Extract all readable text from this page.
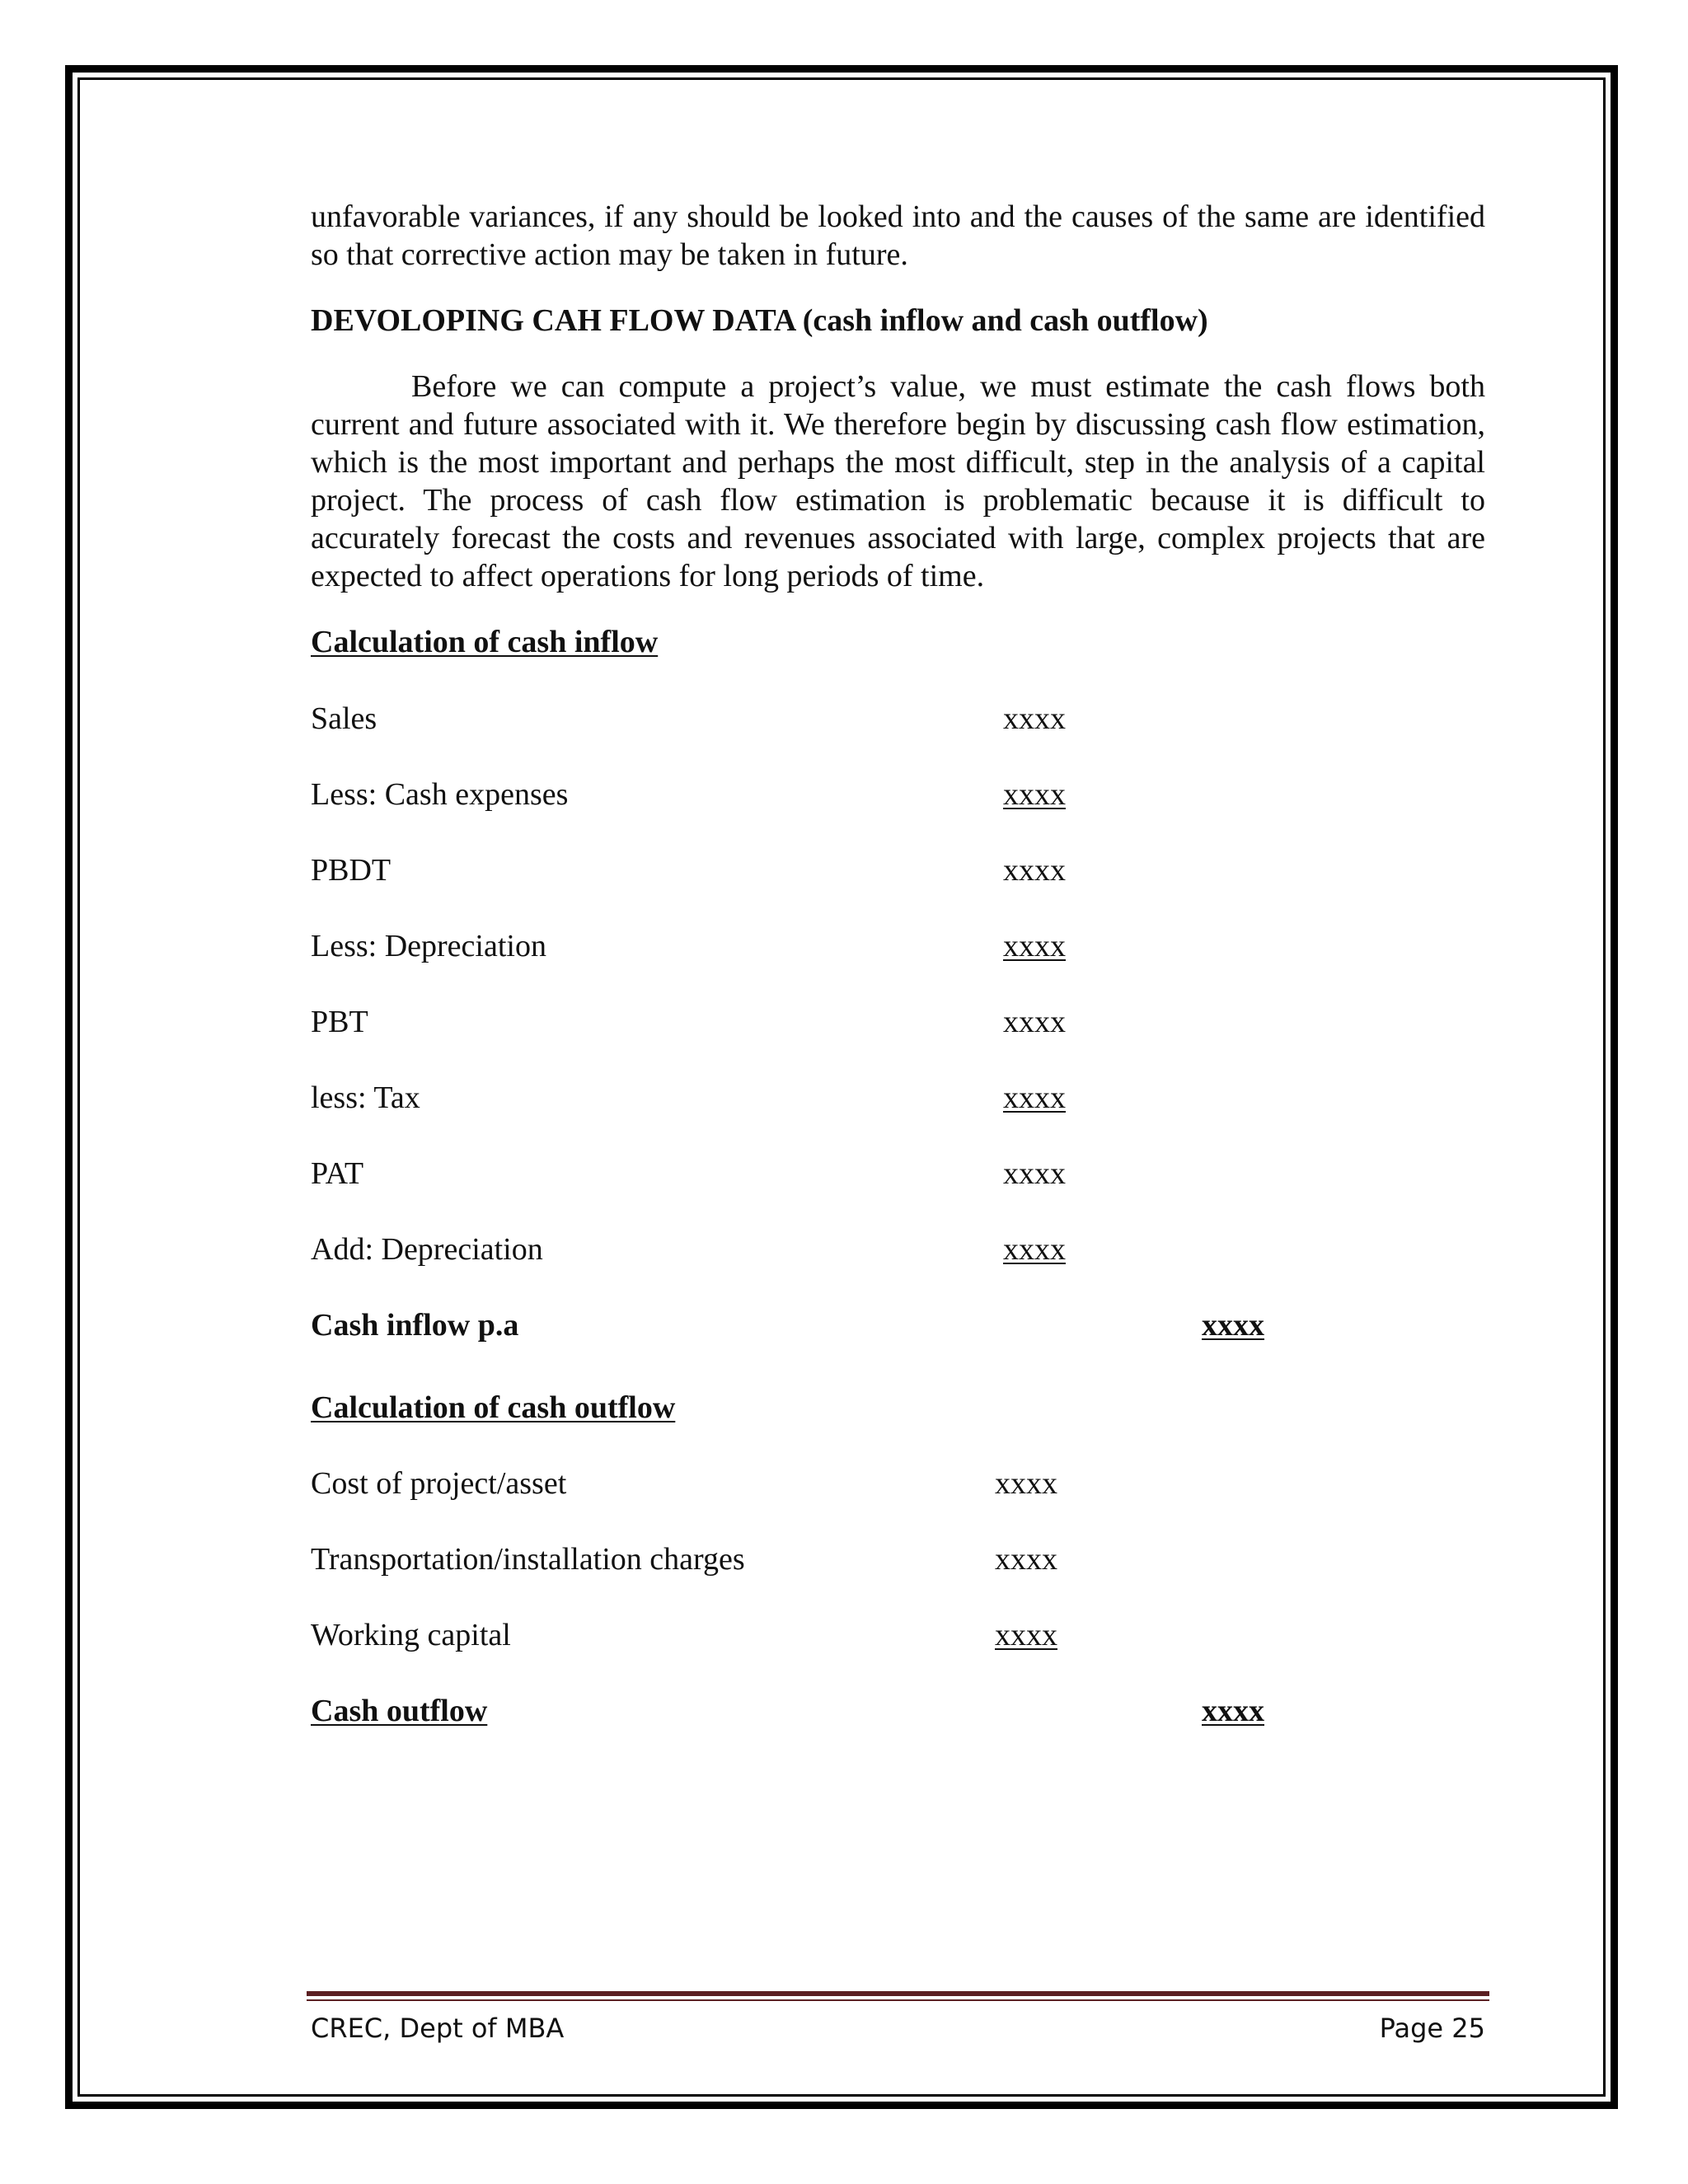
unfavorable variances, if any should be looked into and the causes of the same are identified so that corrective action may be taken in future.

DEVOLOPING CAH FLOW DATA (cash inflow and cash outflow)

Before we can compute a project’s value, we must estimate the cash flows both current and future associated with it. We therefore begin by discussing cash flow estimation, which is the most important and perhaps the most difficult, step in the analysis of a capital project. The process of cash flow estimation is problematic because it is difficult to accurately forecast the costs and revenues associated with large, complex projects that are expected to affect operations for long periods of time.

Calculation of cash inflow
Sales	xxxx
Less: Cash expenses	xxxx
PBDT	xxxx
Less: Depreciation	xxxx
PBT	xxxx
less: Tax	xxxx
PAT	xxxx
Add: Depreciation	xxxx
Cash inflow p.a	xxxx
Calculation of cash outflow
Cost of project/asset	xxxx
Transportation/installation charges	xxxx
Working capital	xxxx
Cash outflow	xxxx
CREC, Dept of MBA	Page 25
